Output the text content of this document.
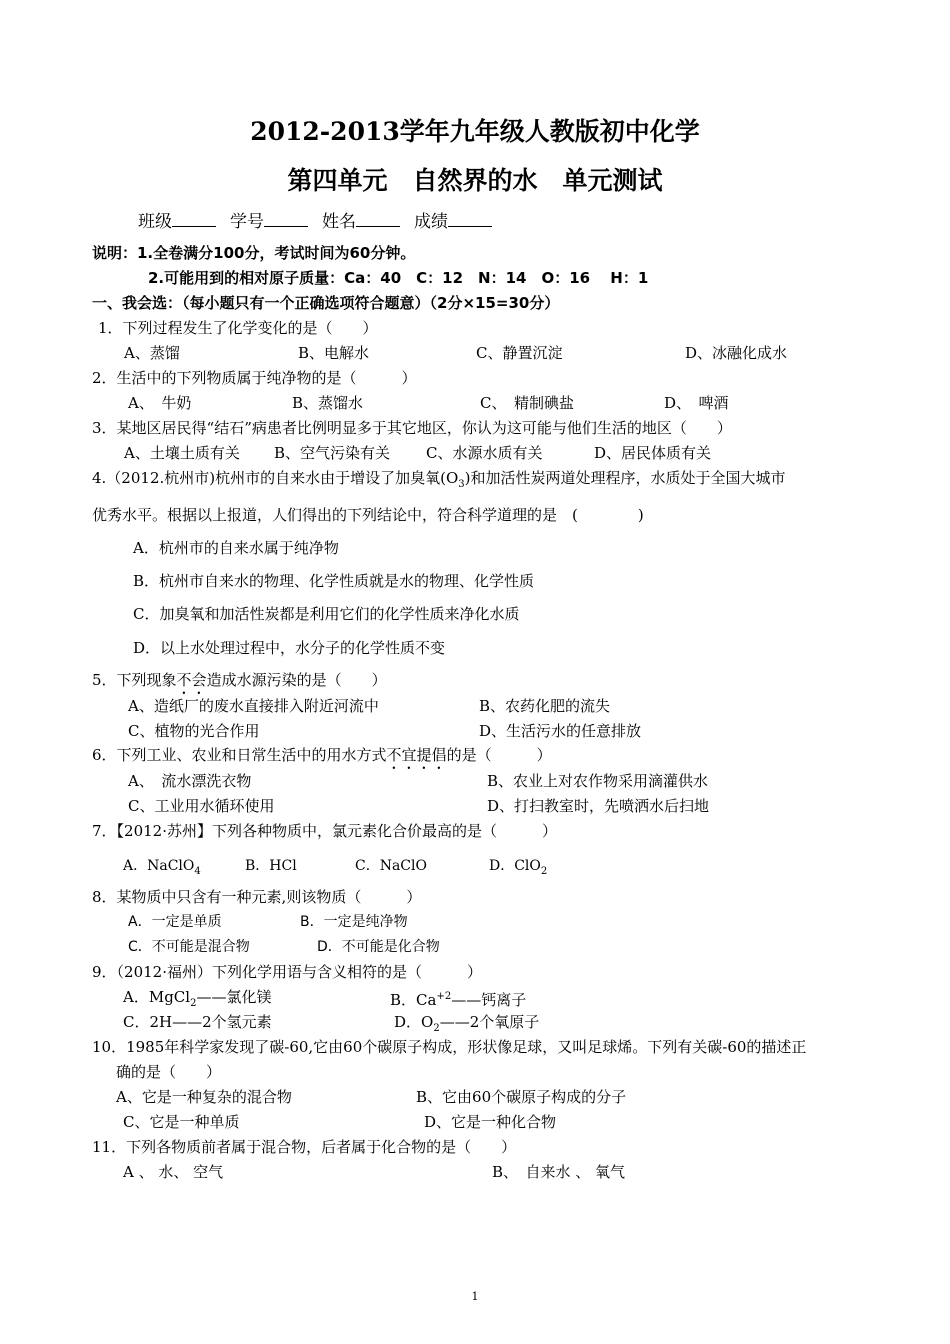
2012-2013学年九年级人教版初中化学
第四单元　自然界的水　单元测试
班级	学号	姓名	成绩
说明：1.全卷满分100分，考试时间为60分钟。
2.可能用到的相对原子质量：Ca：40　C：12　N：14　O：16　 H：1
一、我会选：（每小题只有一个正确选项符合题意）（2分×15=30分）
1．下列过程发生了化学变化的是（　　）
A、蒸馏	B、电解水	C、静置沉淀	D、冰融化成水
2．生活中的下列物质属于纯净物的是（　　　）
A、　牛奶	B、蒸馏水	C、　精制碘盐	D、　啤酒
3．某地区居民得“结石”病患者比例明显多于其它地区，你认为这可能与他们生活的地区（　　）
A、土壤土质有关 B、空气污染有关 C、水源水质有关	D、居民体质有关
4.（2012.杭州市)杭州市的自来水由于增设了加臭氧$(O_3)$和加活性炭两道处理程序，水质处于全国大城市
优秀水平。根据以上报道，人们得出的下列结论中，符合科学道理的是　(　　　　)
A．杭州市的自来水属于纯净物
B．杭州市自来水的物理、化学性质就是水的物理、化学性质
C．加臭氧和加活性炭都是利用它们的化学性质来净化水质
D．以上水处理过程中，水分子的化学性质不变
5．下列现象不会造成水源污染的是（　　）
A、造纸厂的废水直接排入附近河流中	B、农药化肥的流失
C、植物的光合作用	D、生活污水的任意排放
6．下列工业、农业和日常生活中的用水方式不宜提倡的是（　　　）
A、　流水漂洗衣物	B、农业上对农作物采用滴灌供水
C、工业用水循环使用	D、打扫教室时，先喷洒水后扫地
7．【2012·苏州】下列各种物质中，氯元素化合价最高的是（　　　）
A．NaClO$_4$	B．HCl	C．NaClO	D．ClO$_2$
8．某物质中只含有一种元素,则该物质（　　　）
A．一定是单质	B．一定是纯净物
C．不可能是混合物	D．不可能是化合物
9．（2012·福州）下列化学用语与含义相符的是（　　　）
A．MgCl$_2$——氯化镁	B．$Ca^{+2}——$钙离子
C．2H——2个氢元素	D．$O_2——2$个氧原子
10．1985年科学家发现了碳-60,它由60个碳原子构成，形状像足球，又叫足球烯。下列有关碳-60的描述正
确的是（　　）
A、它是一种复杂的混合物	B、它由60个碳原子构成的分子
C、它是一种单质	D、它是一种化合物
11．下列各物质前者属于混合物，后者属于化合物的是（　　）
A 、 水、 空气	B、　自来水 、 氧气
1
